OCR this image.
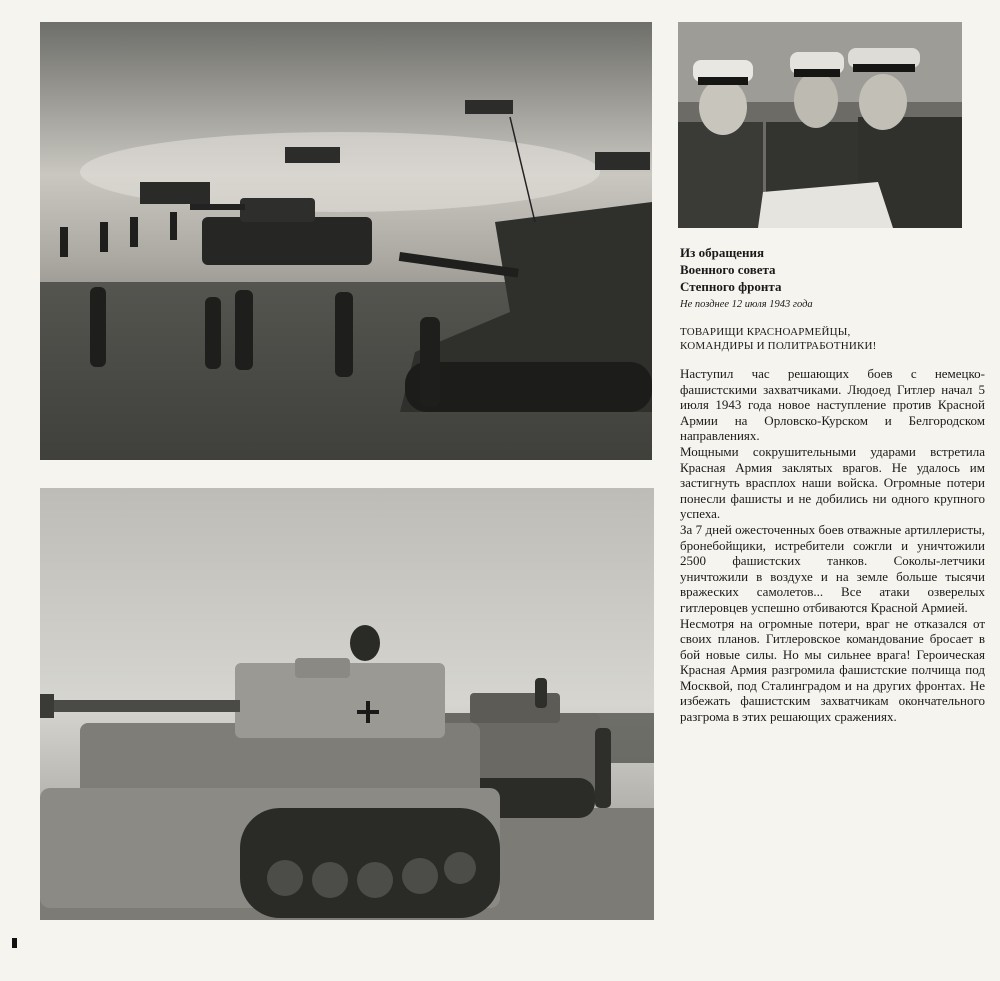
Из обращения
Военного совета
Степного фронта

Не позднее 12 июля 1943 года

ТОВАРИЩИ КРАСНОАРМЕЙЦЫ,
КОМАНДИРЫ И ПОЛИТРАБОТНИКИ!

Наступил час решающих боев с немецко-фашистскими захватчиками. Людоед Гитлер начал 5 июля 1943 года новое наступление против Красной Армии на Орловско-Курском и Белгородском направлениях.

Мощными сокрушительными ударами встретила Красная Армия заклятых врагов. Не удалось им застигнуть врасплох наши войска. Огромные потери понесли фашисты и не добились ни одного крупного успеха.

За 7 дней ожесточенных боев отважные артиллеристы, бронебойщики, истребители сожгли и уничтожили 2500 фашистских танков. Соколы-летчики уничтожили в воздухе и на земле больше тысячи вражеских самолетов... Все атаки озверелых гитлеровцев успешно отбиваются Красной Армией.

Несмотря на огромные потери, враг не отказался от своих планов. Гитлеровское командование бросает в бой новые силы. Но мы сильнее врага! Героическая Красная Армия разгромила фашистские полчища под Москвой, под Сталинградом и на других фронтах. Не избежать фашистским захватчикам окончательного разгрома в этих решающих сражениях.
